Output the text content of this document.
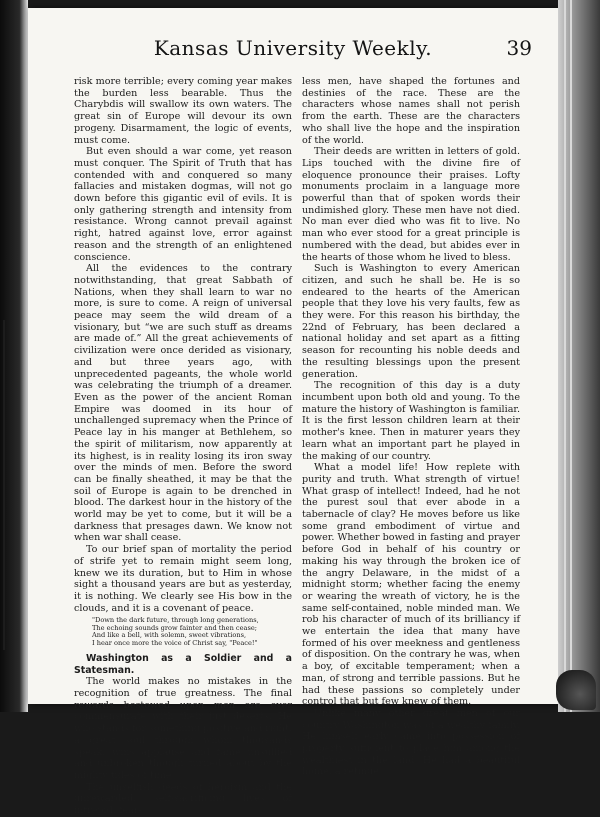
Kansas University Weekly.	39

risk more terrible; every coming year makes the burden less bearable. Thus the Charybdis will swallow its own waters. The great sin of Europe will devour its own progeny. Disarmament, the logic of events, must come.

But even should a war come, yet reason must conquer. The Spirit of Truth that has contended with and conquered so many fallacies and mistaken dogmas, will not go down before this gigantic evil of evils. It is only gathering strength and intensity from resistance. Wrong cannot prevail against right, hatred against love, error against reason and the strength of an enlightened conscience.

All the evidences to the contrary notwithstanding, that great Sabbath of Nations, when they shall learn to war no more, is sure to come. A reign of universal peace may seem the wild dream of a visionary, but “we are such stuff as dreams are made of.” All the great achievements of civilization were once derided as visionary, and but three years ago, with unprecedented pageants, the whole world was celebrating the triumph of a dreamer. Even as the power of the ancient Roman Empire was doomed in its hour of unchallenged supremacy when the Prince of Peace lay in his manger at Bethlehem, so the spirit of militarism, now apparently at its highest, is in reality losing its iron sway over the minds of men. Before the sword can be finally sheathed, it may be that the soil of Europe is again to be drenched in blood. The darkest hour in the history of the world may be yet to come, but it will be a darkness that presages dawn. We know not when war shall cease.

To our brief span of mortality the period of strife yet to remain might seem long, knew we its duration, but to Him in whose sight a thousand years are but as yesterday, it is nothing. We clearly see His bow in the clouds, and it is a covenant of peace.

"Down the dark future, through long generations,
The echoing sounds grow fainter and then cease;
And like a bell, with solemn, sweet vibrations,
I hear once more the voice of Christ say, "Peace!"

Washington as a Soldier and a Statesman.

The world makes no mistakes in the recognition of true greatness. The final rewards bestowed upon men are ever commensurate with their just deserts. He who stands for something positive and right, a great soul through whom thousands speak, wins applause and fame unsullied and unbroken though turned about by the mighty tides of time.

The unselfish deeds of heroism and the unrewarded, self-sacrificing lives of intrepid, fear-

less men, have shaped the fortunes and destinies of the race. These are the characters whose names shall not perish from the earth. These are the characters who shall live the hope and the inspiration of the world.

Their deeds are written in letters of gold. Lips touched with the divine fire of eloquence pronounce their praises. Lofty monuments proclaim in a language more powerful than that of spoken words their undimished glory. These men have not died. No man ever died who was fit to live. No man who ever stood for a great principle is numbered with the dead, but abides ever in the hearts of those whom he lived to bless.

Such is Washington to every American citizen, and such he shall be. He is so endeared to the hearts of the American people that they love his very faults, few as they were. For this reason his birthday, the 22nd of February, has been declared a national holiday and set apart as a fitting season for recounting his noble deeds and the resulting blessings upon the present generation.

The recognition of this day is a duty incumbent upon both old and young. To the mature the history of Washington is familiar. It is the first lesson children learn at their mother's knee. Then in maturer years they learn what an important part he played in the making of our country.

What a model life! How replete with purity and truth. What strength of virtue! What grasp of intellect! Indeed, had he not the purest soul that ever abode in a tabernacle of clay? He moves before us like some grand embodiment of virtue and power. Whether bowed in fasting and prayer before God in behalf of his country or making his way through the broken ice of the angry Delaware, in the midst of a midnight storm; whether facing the enemy or wearing the wreath of victory, he is the same self-contained, noble minded man. We rob his character of much of its brilliancy if we entertain the idea that many have formed of his over meekness and gentleness of disposition. On the contrary he was, when a boy, of excitable temperament; when a man, of strong and terrible passions. But he had these passions so completely under control that but few knew of them.

Unlike many other great men of our country Washington was of a wealthy family. He himself early came into possession of property sufficient to place him among the wealthiest in the land. He had a beautiful home, a retinue
